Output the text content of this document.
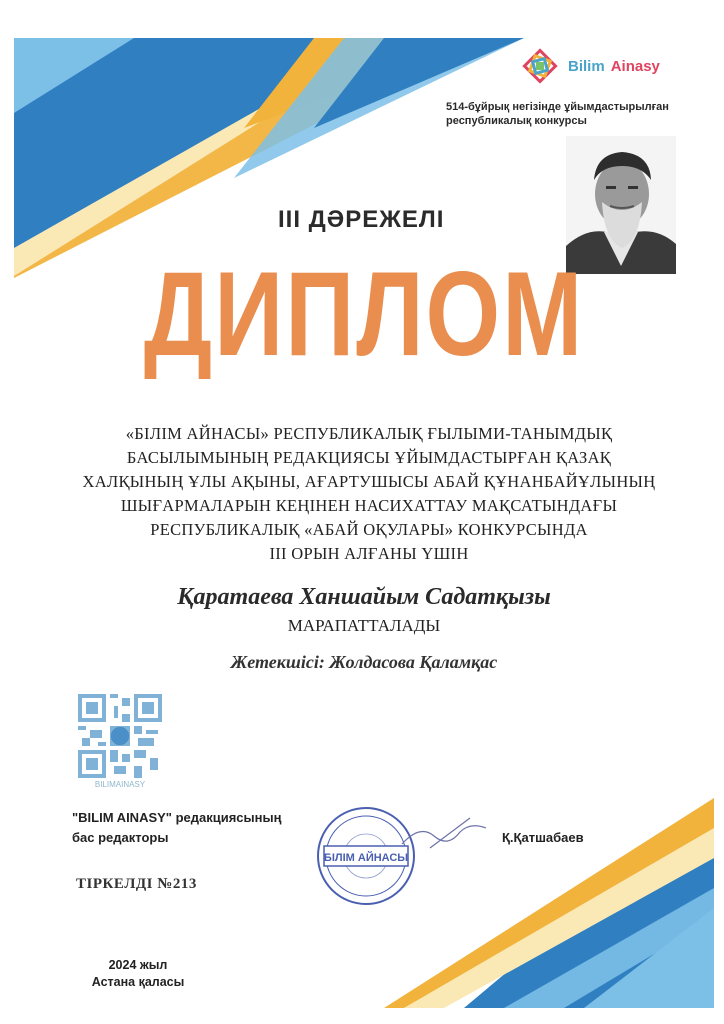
Bilim Ainasy
514-бұйрық негізінде ұйымдастырылған республикалық конкурсы
III ДӘРЕЖЕЛІ
ДИПЛОМ
«БІЛІМ АЙНАСЫ» РЕСПУБЛИКАЛЫҚ ҒЫЛЫМИ-ТАНЫМДЫҚ
БАСЫЛЫМЫНЫҢ РЕДАКЦИЯСЫ ҰЙЫМДАСТЫРҒАН ҚАЗАҚ
ХАЛҚЫНЫҢ ҰЛЫ АҚЫНЫ, АҒАРТУШЫСЫ АБАЙ ҚҰНАНБАЙҰЛЫНЫҢ
ШЫҒАРМАЛАРЫН КЕҢІНЕН НАСИХАТТАУ МАҚСАТЫНДАҒЫ
РЕСПУБЛИКАЛЫҚ «АБАЙ ОҚУЛАРЫ» КОНКУРСЫНДА
ІІІ ОРЫН АЛҒАНЫ ҮШІН
Қаратаева Ханшайым Садатқызы
МАРАПАТТАЛАДЫ
Жетекшісі: Жолдасова Қаламқас
BILIMAINASY
"BILIM AINASY" редакциясының
бас редакторы
БІЛІМ АЙНАСЫ
Қ.Қатшабаев
ТІРКЕЛДІ №213
2024 жыл
Астана қаласы
